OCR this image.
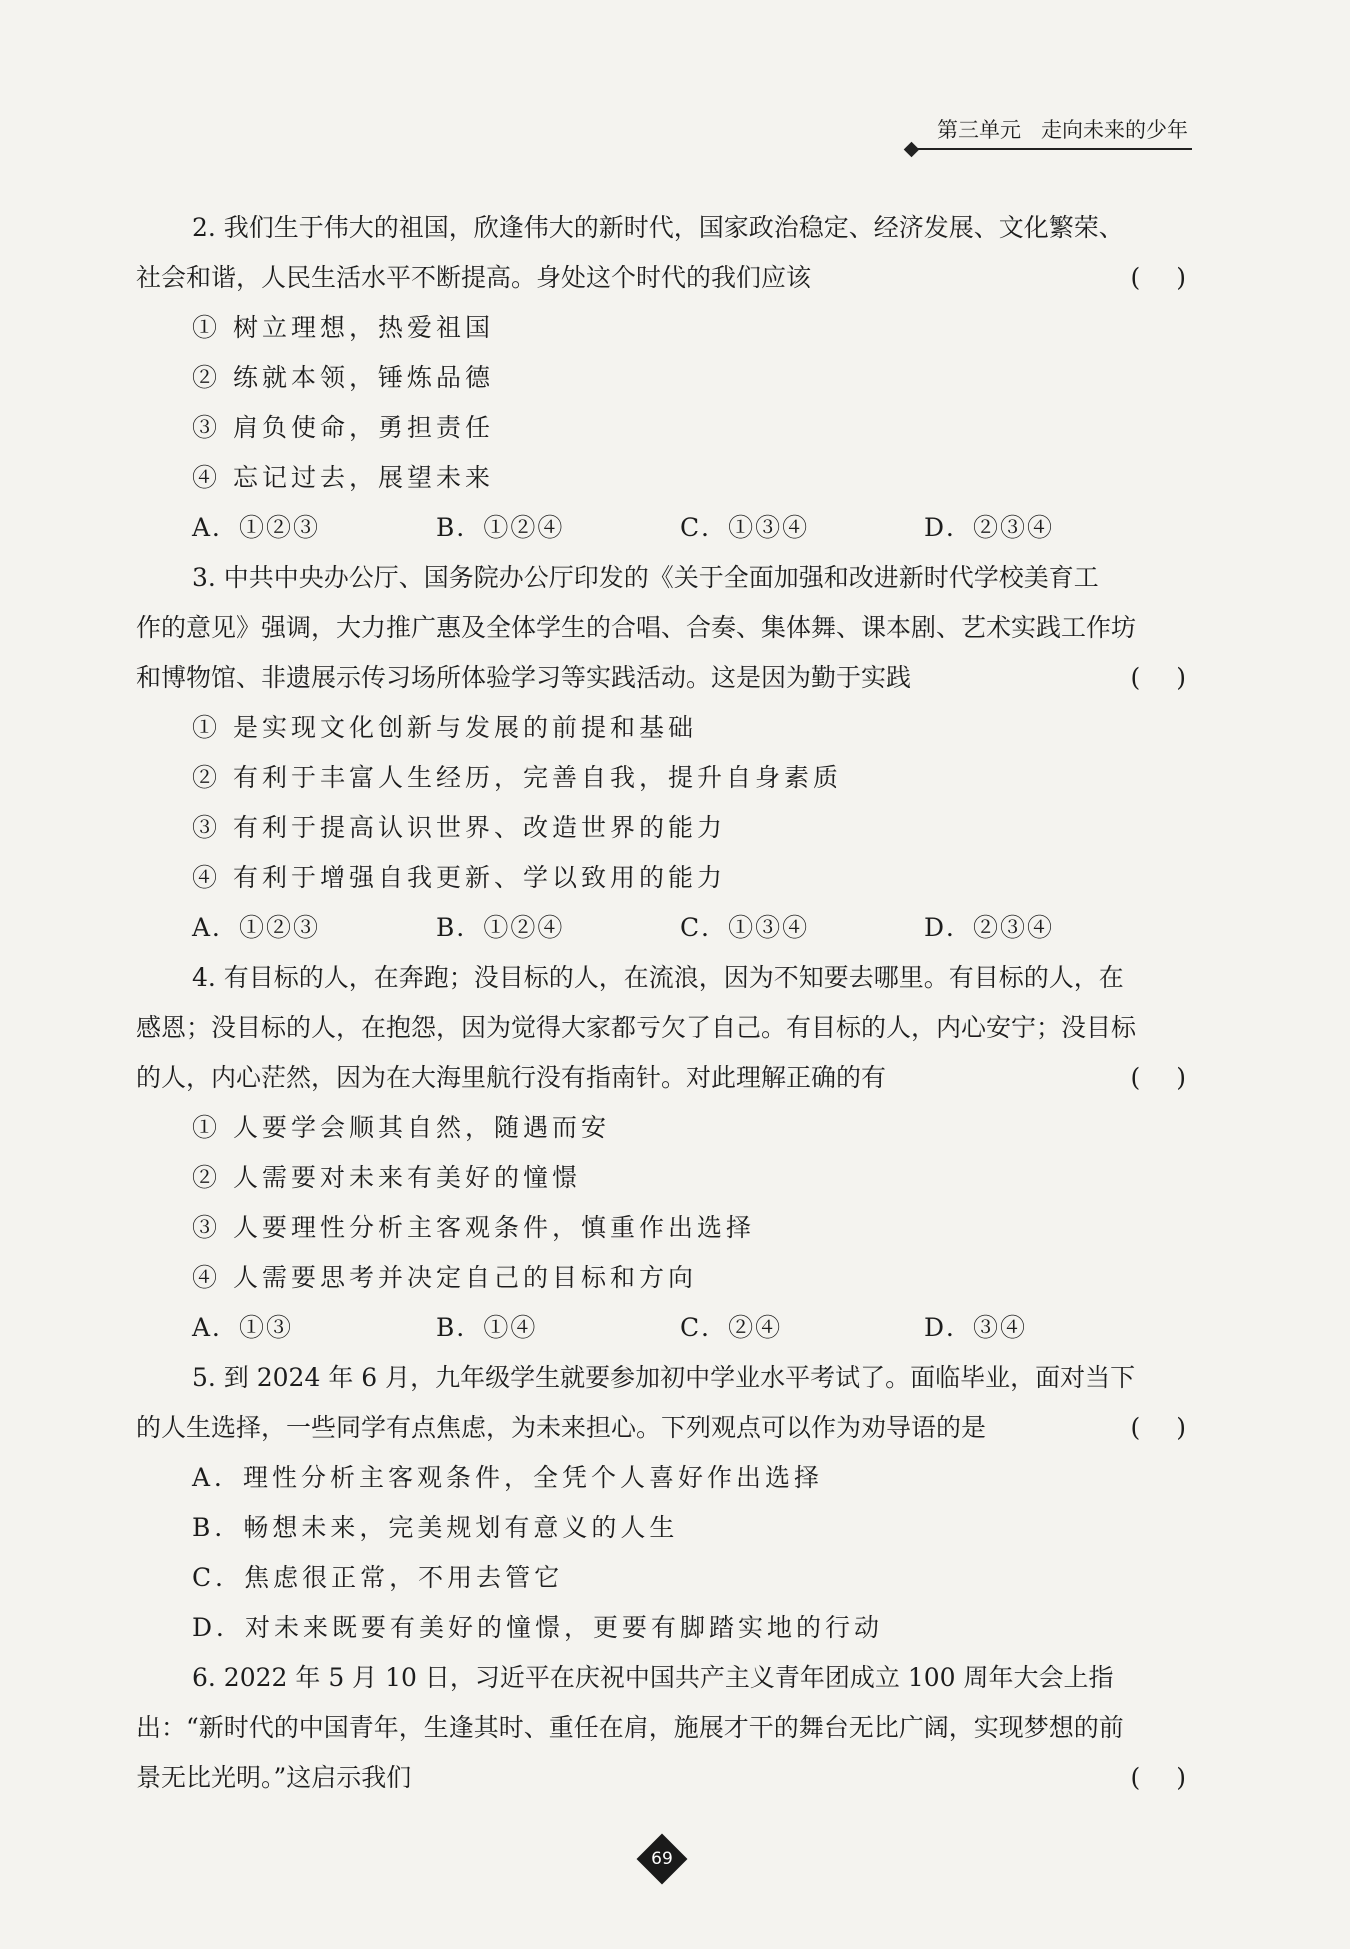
第三单元   走向未来的少年
2. 我们生于伟大的祖国，欣逢伟大的新时代，国家政治稳定、经济发展、文化繁荣、
社会和谐，人民生活水平不断提高。身处这个时代的我们应该	( )
① 树立理想，热爱祖国
② 练就本领，锤炼品德
③ 肩负使命，勇担责任
④ 忘记过去，展望未来
A．①②③	B．①②④	C．①③④	D．②③④
3. 中共中央办公厅、国务院办公厅印发的《关于全面加强和改进新时代学校美育工
作的意见》强调，大力推广惠及全体学生的合唱、合奏、集体舞、课本剧、艺术实践工作坊
和博物馆、非遗展示传习场所体验学习等实践活动。这是因为勤于实践	( )
① 是实现文化创新与发展的前提和基础
② 有利于丰富人生经历，完善自我，提升自身素质
③ 有利于提高认识世界、改造世界的能力
④ 有利于增强自我更新、学以致用的能力
A．①②③	B．①②④	C．①③④	D．②③④
4. 有目标的人，在奔跑；没目标的人，在流浪，因为不知要去哪里。有目标的人，在
感恩；没目标的人，在抱怨，因为觉得大家都亏欠了自己。有目标的人，内心安宁；没目标
的人，内心茫然，因为在大海里航行没有指南针。对此理解正确的有	( )
① 人要学会顺其自然，随遇而安
② 人需要对未来有美好的憧憬
③ 人要理性分析主客观条件，慎重作出选择
④ 人需要思考并决定自己的目标和方向
A．①③	B．①④	C．②④	D．③④
5. 到 2024 年 6 月，九年级学生就要参加初中学业水平考试了。面临毕业，面对当下
的人生选择，一些同学有点焦虑，为未来担心。下列观点可以作为劝导语的是	( )
A．理性分析主客观条件，全凭个人喜好作出选择
B．畅想未来，完美规划有意义的人生
C．焦虑很正常，不用去管它
D．对未来既要有美好的憧憬，更要有脚踏实地的行动
6. 2022 年 5 月 10 日，习近平在庆祝中国共产主义青年团成立 100 周年大会上指
出：“新时代的中国青年，生逢其时、重任在肩，施展才干的舞台无比广阔，实现梦想的前
景无比光明。”这启示我们	( )
69
